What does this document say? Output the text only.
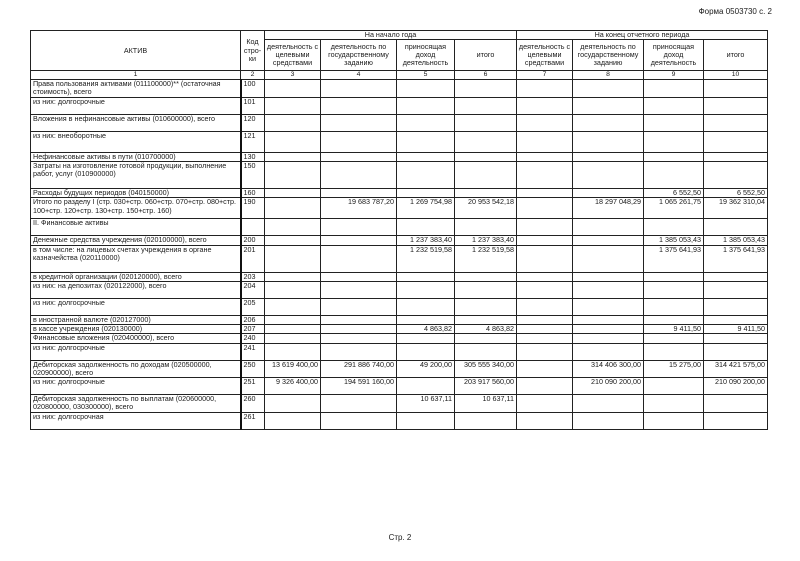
Форма 0503730 с. 2
АКТИВ	Код стро-ки	На начало года				На конец отчетного периода			
		деятельность с целевыми средствами	деятельность по государственному заданию	приносящая доход деятельность	итого	деятельность с целевыми средствами	деятельность по государственному заданию	приносящая доход деятельность	итого
1	2	3	4	5	6	7	8	9	10
Права пользования активами (011100000)** (остаточная стоимость), всего	100								
из них: долгосрочные	101								
Вложения в нефинансовые активы (010600000), всего	120								
из них: внеоборотные	121								
Нефинансовые активы в пути (010700000)	130								
Затраты на изготовление готовой продукции, выполнение работ, услуг (010900000)	150								
Расходы будущих периодов (040150000)	160							6 552,50	6 552,50
Итого по разделу I (стр. 030+стр. 060+стр. 070+стр. 080+стр. 100+стр. 120+стр. 130+стр. 150+стр. 160)	190		19 683 787,20	1 269 754,98	20 953 542,18		18 297 048,29	1 065 261,75	19 362 310,04
II. Финансовые активы									
Денежные средства учреждения (020100000), всего	200			1 237 383,40	1 237 383,40			1 385 053,43	1 385 053,43
в том числе: на лицевых счетах учреждения в органе казначейства (020110000)	201			1 232 519,58	1 232 519,58			1 375 641,93	1 375 641,93
в кредитной организации (020120000), всего	203								
из них: на депозитах (020122000), всего	204								
из них: долгосрочные	205								
в иностранной валюте (020127000)	206								
в кассе учреждения (020130000)	207			4 863,82	4 863,82			9 411,50	9 411,50
Финансовые вложения (020400000), всего	240								
из них: долгосрочные	241								
Дебиторская задолженность по доходам (020500000, 020900000), всего	250	13 619 400,00	291 886 740,00	49 200,00	305 555 340,00		314 406 300,00	15 275,00	314 421 575,00
из них: долгосрочные	251	9 326 400,00	194 591 160,00		203 917 560,00		210 090 200,00		210 090 200,00
Дебиторская задолженность по выплатам (020600000, 020800000, 030300000), всего	260			10 637,11	10 637,11				
из них: долгосрочная	261								
Стр. 2
